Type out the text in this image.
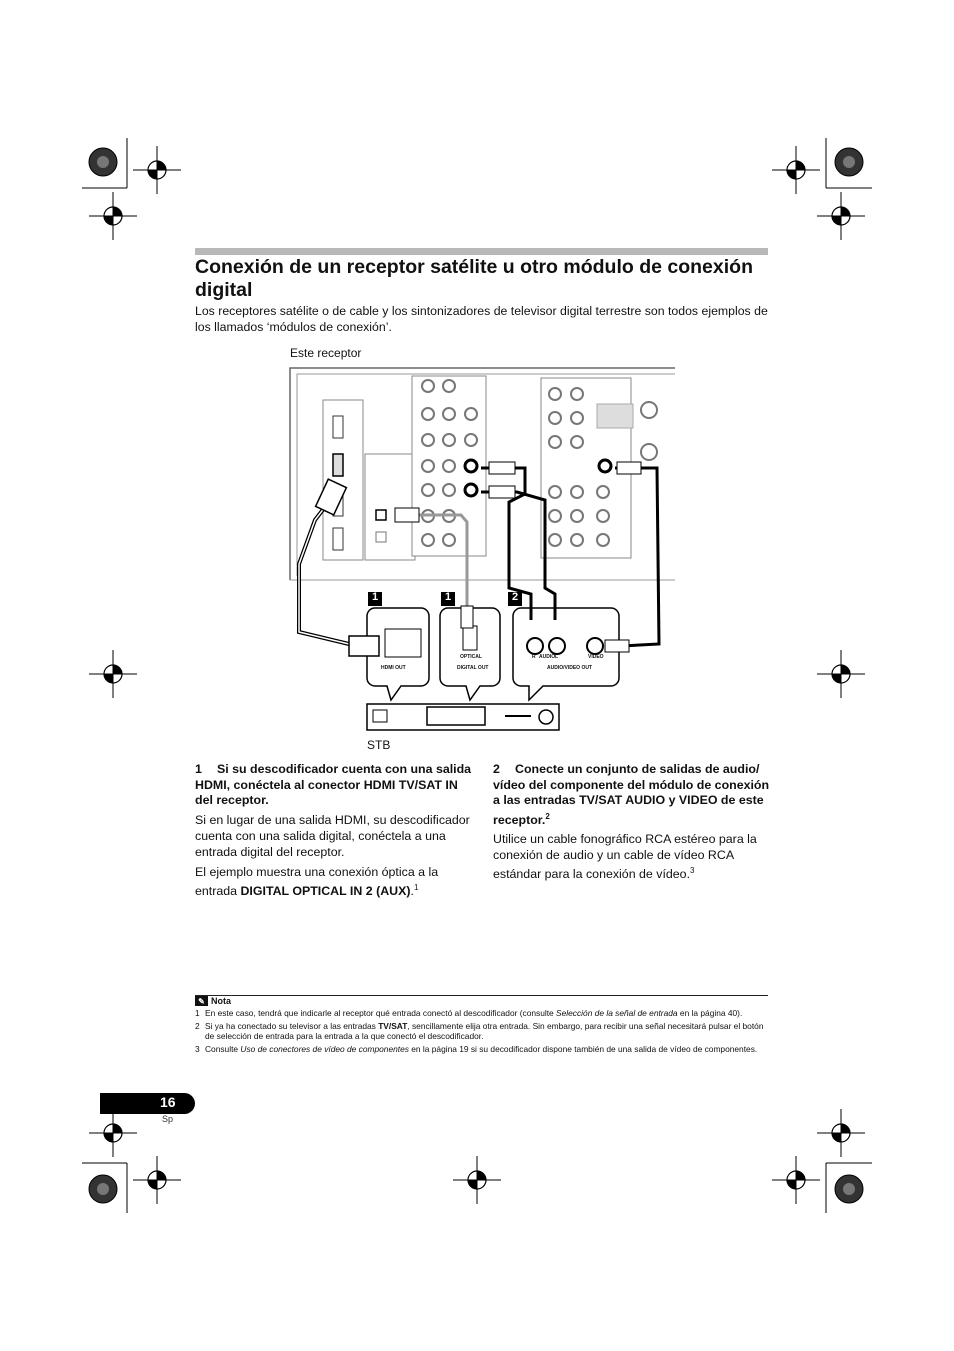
Conexión de un receptor satélite u otro módulo de conexión digital

Los receptores satélite o de cable y los sintonizadores de televisor digital terrestre son todos ejemplos de los llamados ‘módulos de conexión’.

Este receptor
1	1	2
HDMI OUT
OPTICAL
DIGITAL OUT
R AUDIO L	VIDEO
AUDIO/VIDEO OUT
STB

1 Si su descodificador cuenta con una salida HDMI, conéctela al conector HDMI TV/SAT IN del receptor.

Si en lugar de una salida HDMI, su descodificador cuenta con una salida digital, conéctela a una entrada digital del receptor.

El ejemplo muestra una conexión óptica a la entrada DIGITAL OPTICAL IN 2 (AUX).$^1$

2 Conecte un conjunto de salidas de audio/ vídeo del componente del módulo de conexión a las entradas TV/SAT AUDIO y VIDEO de este receptor.$^2$

Utilice un cable fonográfico RCA estéreo para la conexión de audio y un cable de vídeo RCA estándar para la conexión de vídeo.$^3$

✎ Nota
1 En este caso, tendrá que indicarle al receptor qué entrada conectó al descodificador (consulte Selección de la señal de entrada en la página 40).
2 Si ya ha conectado su televisor a las entradas TV/SAT, sencillamente elija otra entrada. Sin embargo, para recibir una señal necesitará pulsar el botón de selección de entrada para la entrada a la que conectó el descodificador.
3 Consulte Uso de conectores de vídeo de componentes en la página 19 si su decodificador dispone también de una salida de vídeo de componentes.
16
Sp
